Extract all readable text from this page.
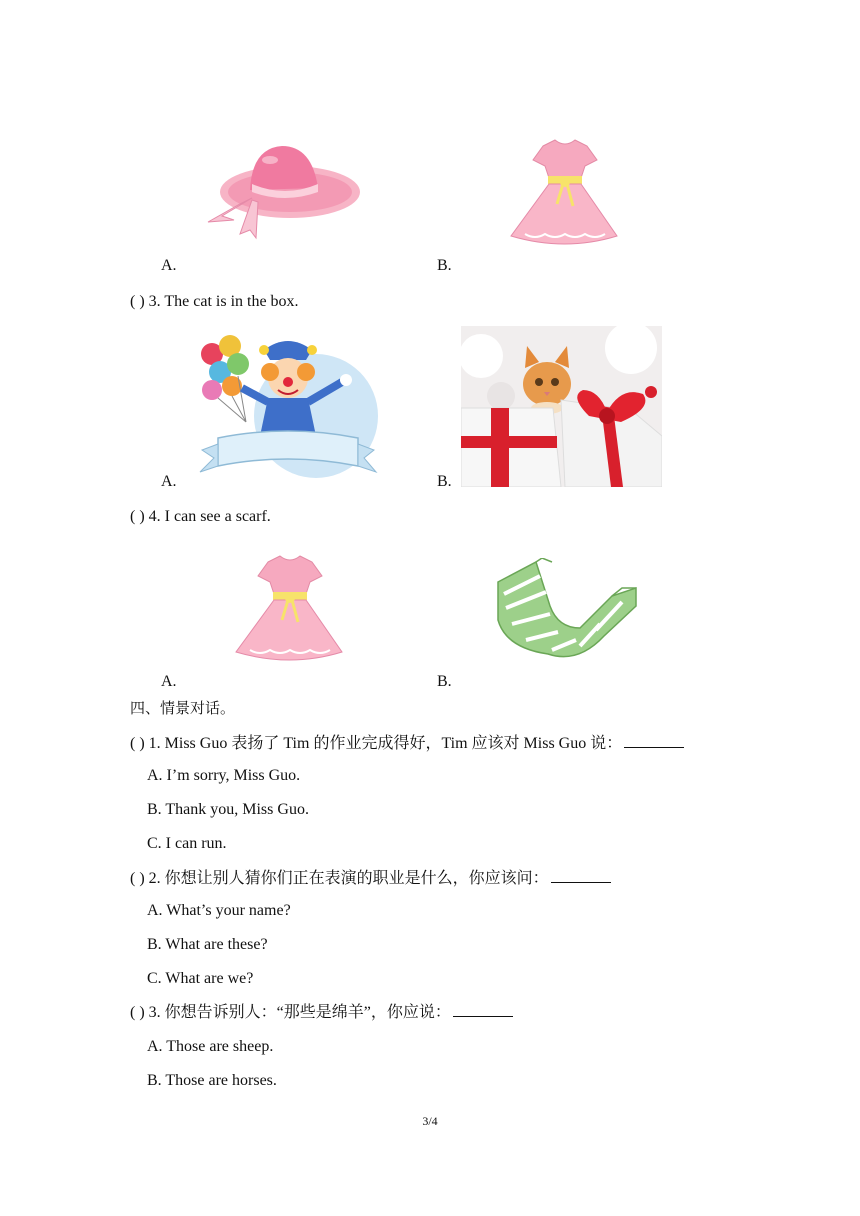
A.	B.
( ) 3. The cat is in the box.
A.	B.
( ) 4. I can see a scarf.
A.	B.
四、情景对话。
( ) 1. Miss Guo 表扬了 Tim 的作业完成得好，Tim 应该对 Miss Guo 说：
A. I’m sorry, Miss Guo.
B. Thank you, Miss Guo.
C. I can run.
( ) 2. 你想让别人猜你们正在表演的职业是什么，你应该问：
A. What’s your name?
B. What are these?
C. What are we?
( ) 3. 你想告诉别人：“那些是绵羊”，你应说：
A. Those are sheep.
B. Those are horses.
3/4
